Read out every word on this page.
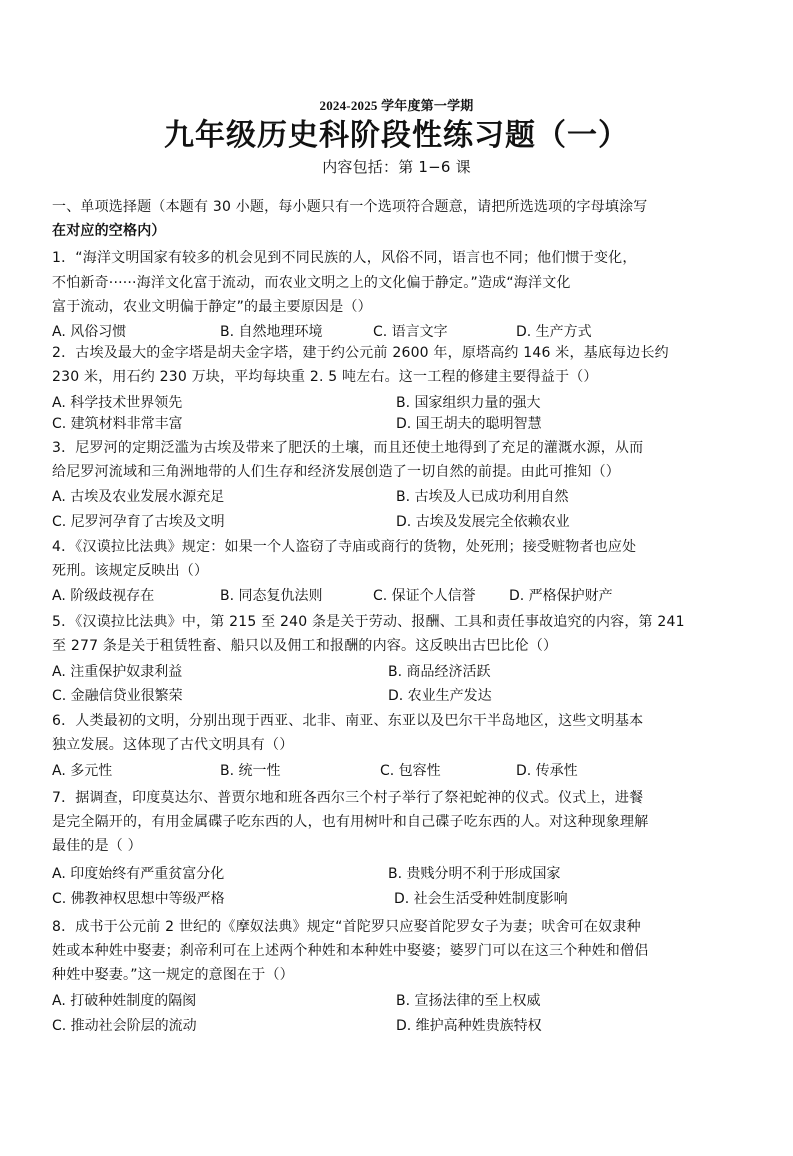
2024-2025 学年度第一学期
九年级历史科阶段性练习题（一）
内容包括：第 1−6 课
一、单项选择题（本题有 30 小题，每小题只有一个选项符合题意，请把所选选项的字母填涂写
在对应的空格内）
1．“海洋文明国家有较多的机会见到不同民族的人，风俗不同，语言也不同；他们惯于变化，
不怕新奇······海洋文化富于流动，而农业文明之上的文化偏于静定。”造成“海洋文化
富于流动，农业文明偏于静定”的最主要原因是（）
A. 风俗习惯	B. 自然地理环境	C. 语言文字	D. 生产方式
2．古埃及最大的金字塔是胡夫金字塔，建于约公元前 2600 年，原塔高约 146 米，基底每边长约
230 米，用石约 230 万块，平均每块重 2. 5 吨左右。这一工程的修建主要得益于（）
A. 科学技术世界领先	B. 国家组织力量的强大
C. 建筑材料非常丰富	D. 国王胡夫的聪明智慧
3．尼罗河的定期泛滥为古埃及带来了肥沃的土壤，而且还使土地得到了充足的灌溉水源，从而
给尼罗河流域和三角洲地带的人们生存和经济发展创造了一切自然的前提。由此可推知（）
A. 古埃及农业发展水源充足	B. 古埃及人已成功利用自然
C. 尼罗河孕育了古埃及文明	D. 古埃及发展完全依赖农业
4．《汉谟拉比法典》规定：如果一个人盗窃了寺庙或商行的货物，处死刑；接受赃物者也应处
死刑。该规定反映出（）
A. 阶级歧视存在	B. 同态复仇法则	C. 保证个人信誉 D. 严格保护财产
5．《汉谟拉比法典》中，第 215 至 240 条是关于劳动、报酬、工具和责任事故追究的内容，第 241
至 277 条是关于租赁牲畜、船只以及佣工和报酬的内容。这反映出古巴比伦（）
A. 注重保护奴隶利益	B. 商品经济活跃
C. 金融信贷业很繁荣	D. 农业生产发达
6．人类最初的文明，分别出现于西亚、北非、南亚、东亚以及巴尔干半岛地区，这些文明基本
独立发展。这体现了古代文明具有（）
A. 多元性	B. 统一性	C. 包容性	D. 传承性
7．据调查，印度莫达尔、普贾尔地和班各西尔三个村子举行了祭祀蛇神的仪式。仪式上，进餐
是完全隔开的，有用金属碟子吃东西的人，也有用树叶和自己碟子吃东西的人。对这种现象理解
最佳的是（ ）
A. 印度始终有严重贫富分化	B. 贵贱分明不利于形成国家
C. 佛教神权思想中等级严格	D. 社会生活受种姓制度影响
8．成书于公元前 2 世纪的《摩奴法典》规定“首陀罗只应娶首陀罗女子为妻；吠舍可在奴隶种
姓或本种姓中娶妻；刹帝利可在上述两个种姓和本种姓中娶婆；婆罗门可以在这三个种姓和僧侣
种姓中娶妻。”这一规定的意图在于（）
A. 打破种姓制度的隔阂	B. 宣扬法律的至上权威
C. 推动社会阶层的流动	D. 维护高种姓贵族特权
